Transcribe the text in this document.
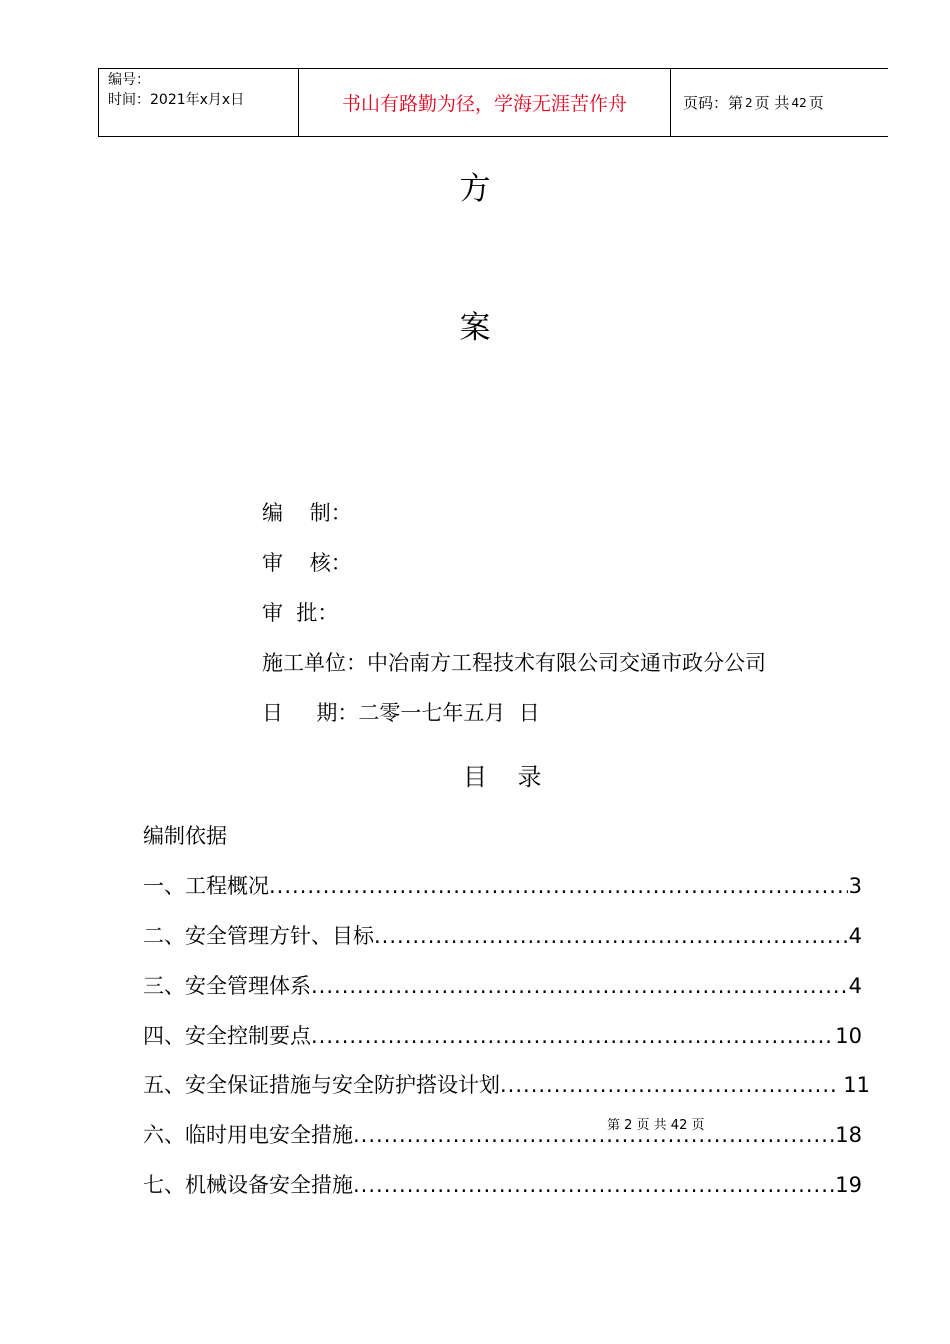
编号：
时间：2021年x月x日	书山有路勤为径，学海无涯苦作舟	页码：第 2 页 共 42 页
方
案
编    制：
审    核：
审  批：
施工单位：中冶南方工程技术有限公司交通市政分公司
日     期：二零一七年五月  日
目    录
编制依据
一、工程概况 .....	3
二、安全管理方针、目标 .....	4
三、安全管理体系 .....	4
四、安全控制要点 .....	10
五、安全保证措施与安全防护搭设计划 .....	11
六、临时用电安全措施 .....	18
七、机械设备安全措施 .....	19
第 2 页 共 42 页
